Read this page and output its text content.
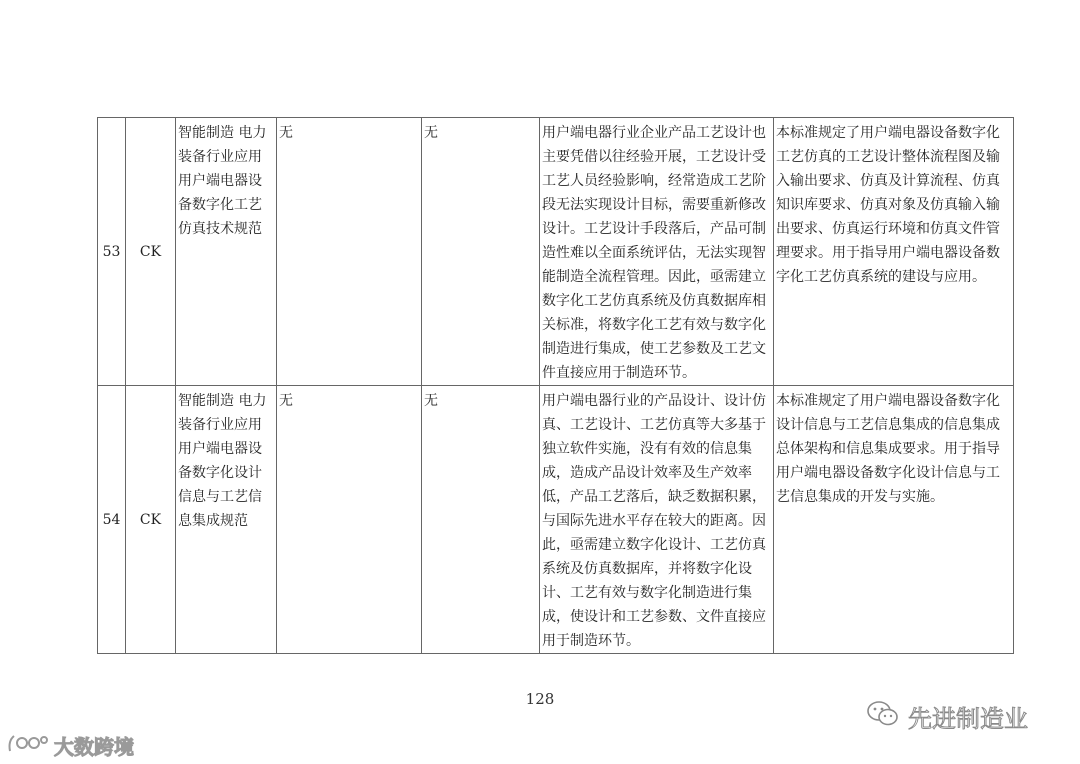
53	CK	智能制造 电力装备行业应用 用户端电器设备数字化工艺仿真技术规范	无	无	用户端电器行业企业产品工艺设计也主要凭借以往经验开展，工艺设计受工艺人员经验影响，经常造成工艺阶段无法实现设计目标，需要重新修改设计。工艺设计手段落后，产品可制造性难以全面系统评估，无法实现智能制造全流程管理。因此，亟需建立数字化工艺仿真系统及仿真数据库相关标准，将数字化工艺有效与数字化制造进行集成，使工艺参数及工艺文件直接应用于制造环节。	本标准规定了用户端电器设备数字化工艺仿真的工艺设计整体流程图及输入输出要求、仿真及计算流程、仿真知识库要求、仿真对象及仿真输入输出要求、仿真运行环境和仿真文件管理要求。用于指导用户端电器设备数字化工艺仿真系统的建设与应用。
54	CK	智能制造 电力装备行业应用 用户端电器设备数字化设计信息与工艺信息集成规范	无	无	用户端电器行业的产品设计、设计仿真、工艺设计、工艺仿真等大多基于独立软件实施，没有有效的信息集成，造成产品设计效率及生产效率低，产品工艺落后，缺乏数据积累，与国际先进水平存在较大的距离。因此，亟需建立数字化设计、工艺仿真系统及仿真数据库，并将数字化设计、工艺有效与数字化制造进行集成，使设计和工艺参数、文件直接应用于制造环节。	本标准规定了用户端电器设备数字化设计信息与工艺信息集成的信息集成总体架构和信息集成要求。用于指导用户端电器设备数字化设计信息与工艺信息集成的开发与实施。
128
先进制造业
大数跨境
